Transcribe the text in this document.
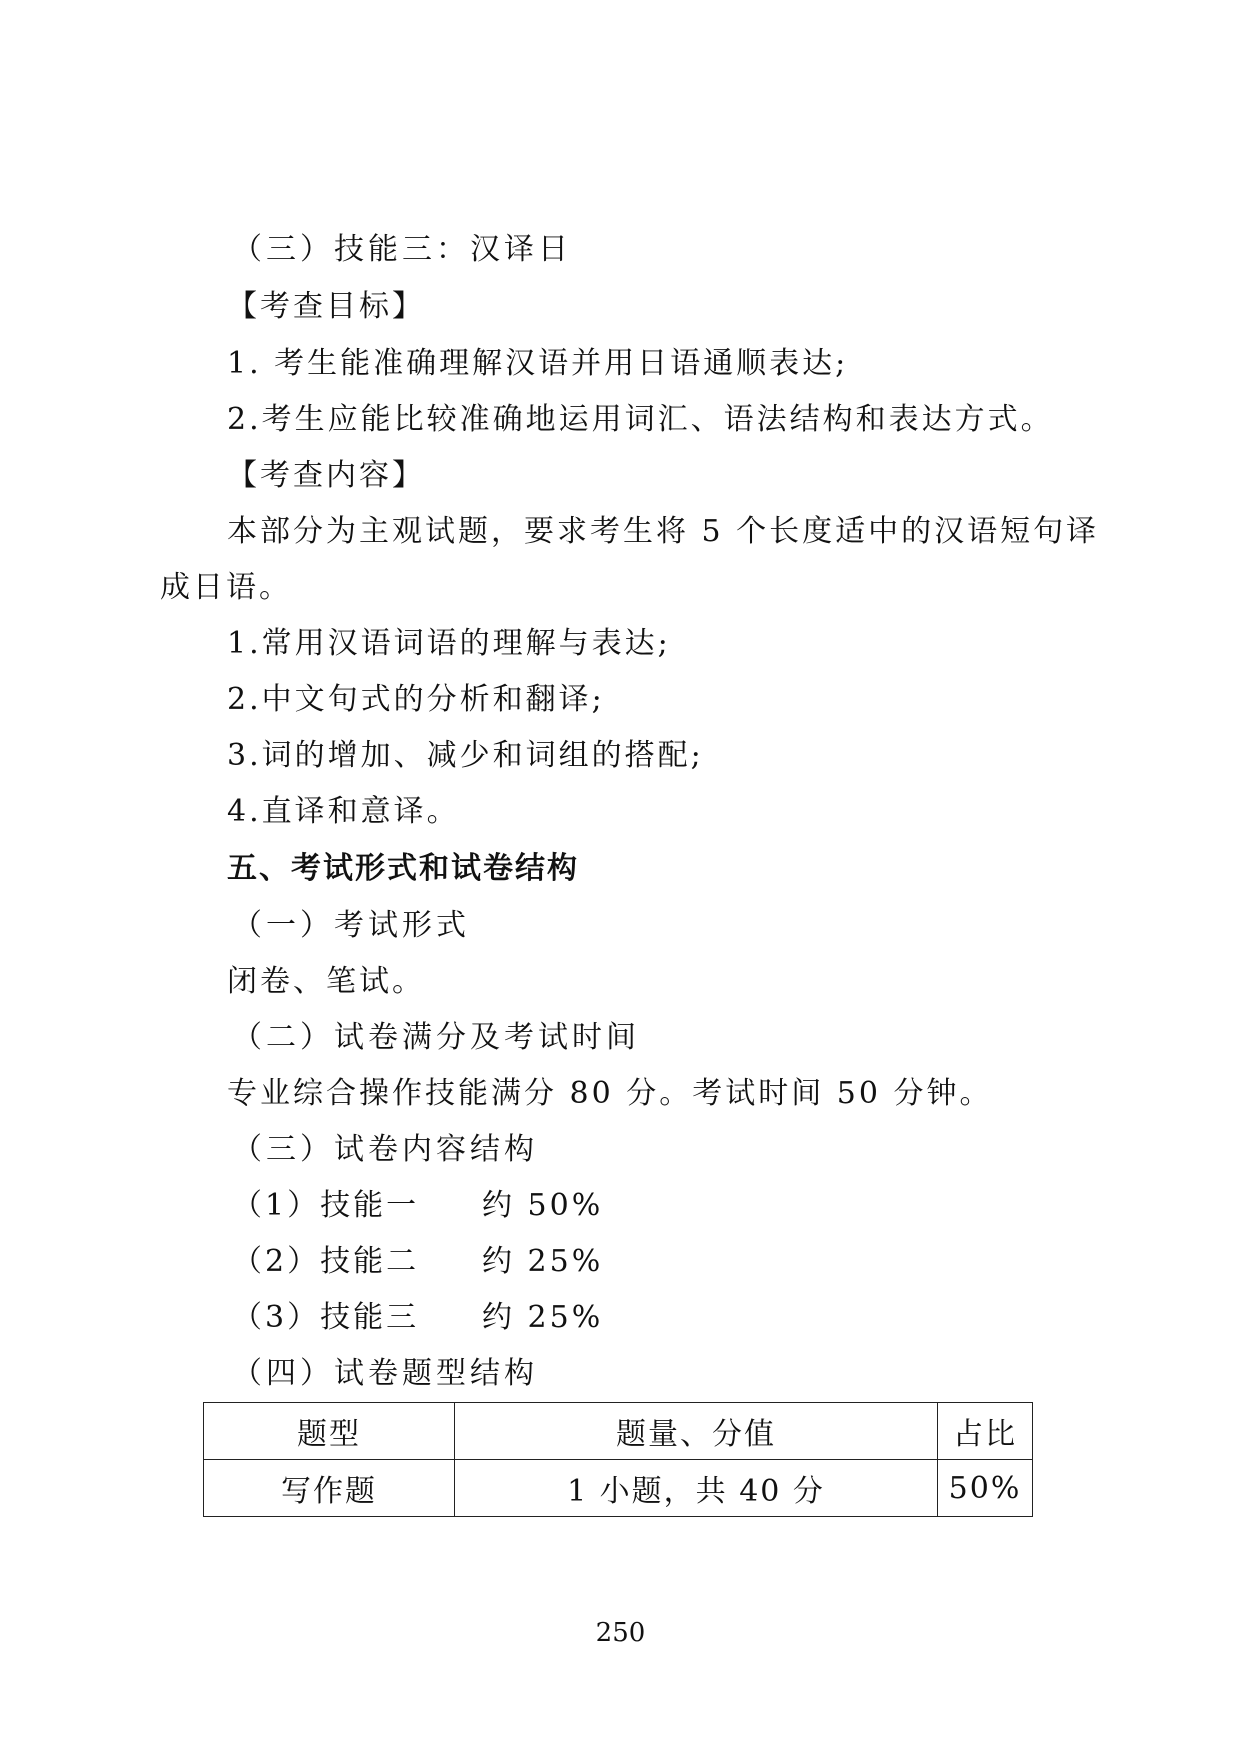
（三）技能三：汉译日
【考查目标】
1. 考生能准确理解汉语并用日语通顺表达;
2.考生应能比较准确地运用词汇、语法结构和表达方式。
【考查内容】
本部分为主观试题，要求考生将 5 个长度适中的汉语短句译
成日语。
1.常用汉语词语的理解与表达;
2.中文句式的分析和翻译;
3.词的增加、减少和词组的搭配;
4.直译和意译。
五、考试形式和试卷结构
（一）考试形式
闭卷、笔试。
（二）试卷满分及考试时间
专业综合操作技能满分 80 分。考试时间 50 分钟。
（三）试卷内容结构
（1）技能一 约 50%
（2）技能二 约 25%
（3）技能三 约 25%
（四）试卷题型结构
题型	题量、分值	占比
写作题	1 小题，共 40 分	50%
250
